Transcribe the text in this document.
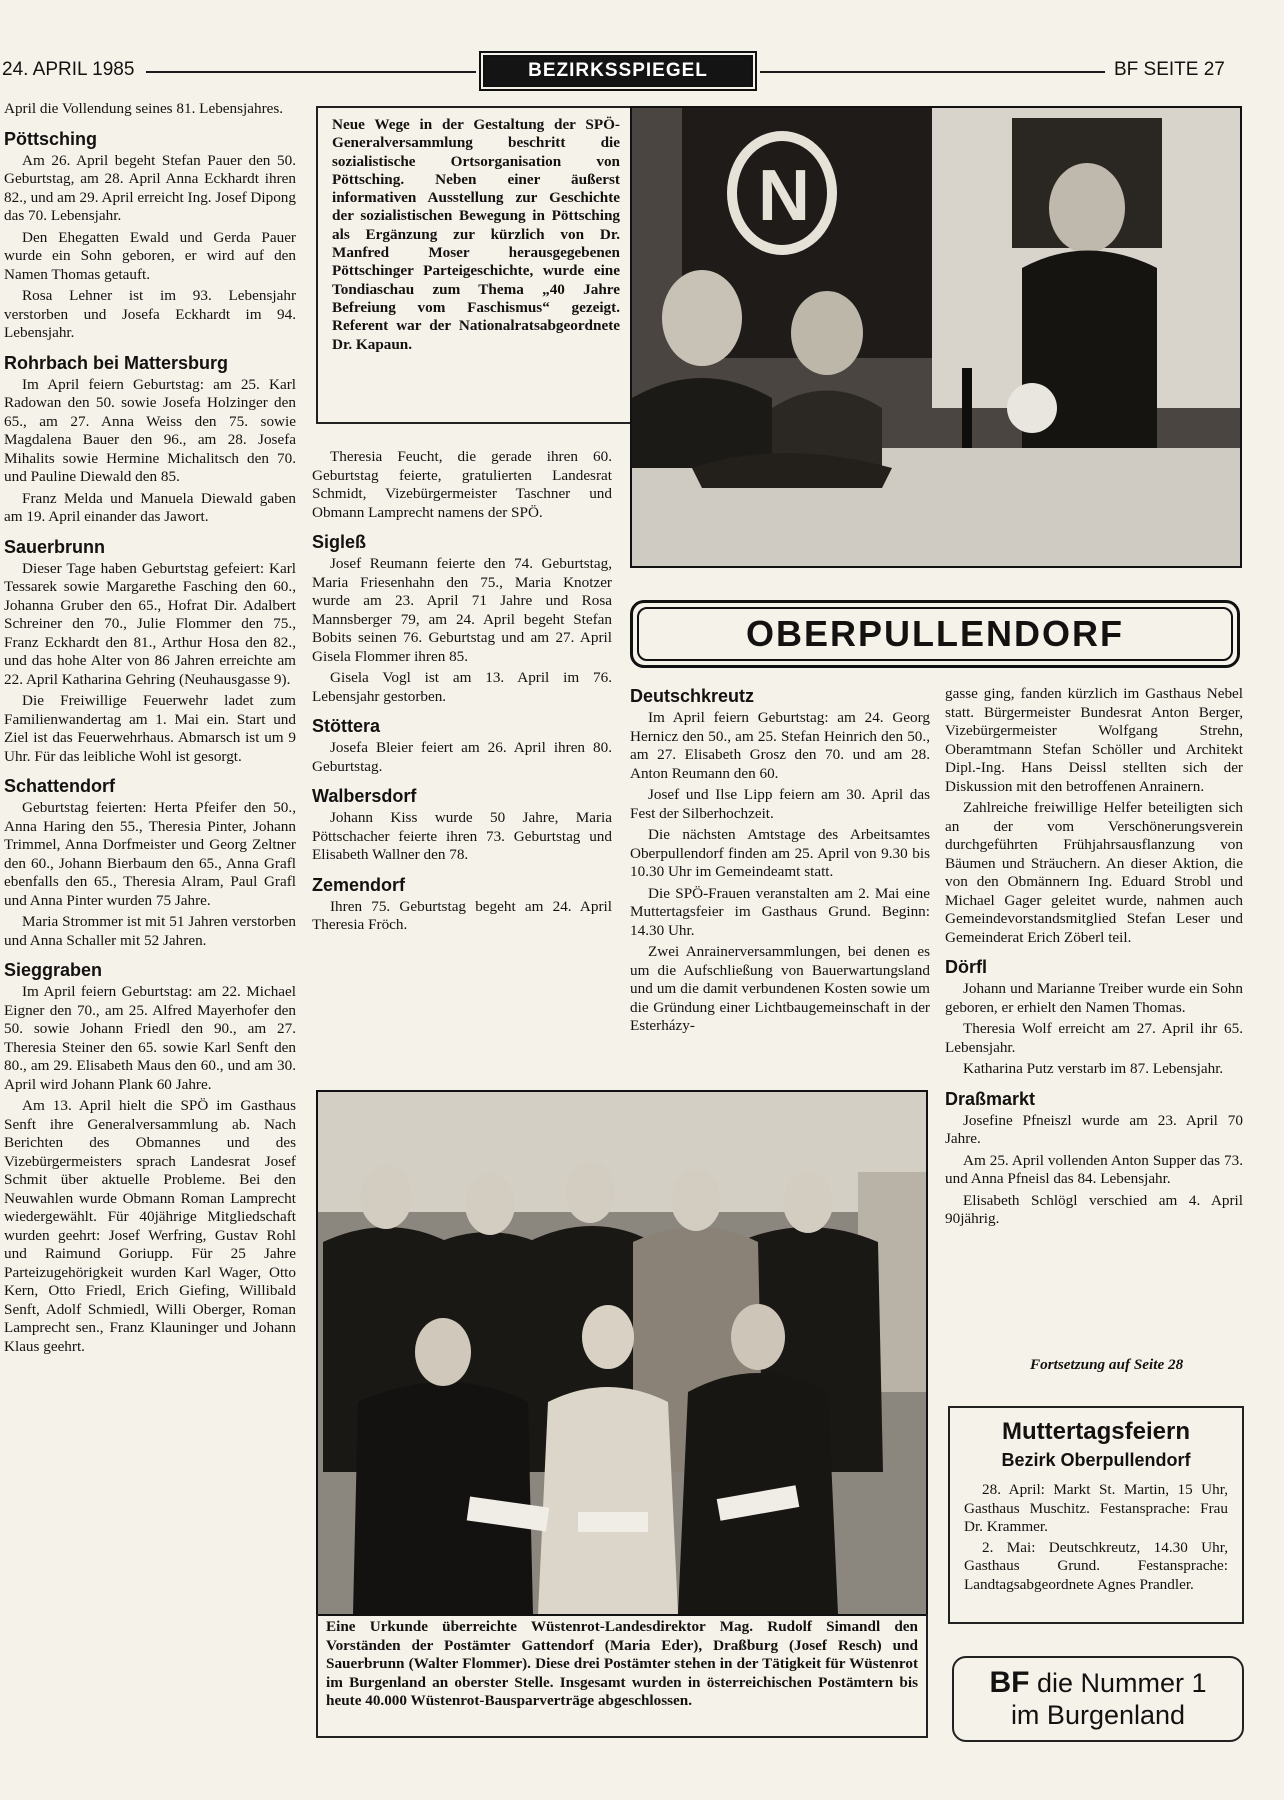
24. APRIL 1985	BEZIRKSSPIEGEL	BF SEITE 27

April die Vollendung seines 81. Lebensjahres.

Pöttsching

Am 26. April begeht Stefan Pauer den 50. Geburtstag, am 28. April Anna Eckhardt ihren 82., und am 29. April erreicht Ing. Josef Dipong das 70. Lebensjahr.

Den Ehegatten Ewald und Gerda Pauer wurde ein Sohn geboren, er wird auf den Namen Thomas getauft.

Rosa Lehner ist im 93. Lebensjahr verstorben und Josefa Eckhardt im 94. Lebensjahr.

Rohrbach bei Mattersburg

Im April feiern Geburtstag: am 25. Karl Radowan den 50. sowie Josefa Holzinger den 65., am 27. Anna Weiss den 75. sowie Magdalena Bauer den 96., am 28. Josefa Mihalits sowie Hermine Michalitsch den 70. und Pauline Diewald den 85.

Franz Melda und Manuela Diewald gaben am 19. April einander das Jawort.

Sauerbrunn

Dieser Tage haben Geburtstag gefeiert: Karl Tessarek sowie Margarethe Fasching den 60., Johanna Gruber den 65., Hofrat Dir. Adalbert Schreiner den 70., Julie Flommer den 75., Franz Eckhardt den 81., Arthur Hosa den 82., und das hohe Alter von 86 Jahren erreichte am 22. April Katharina Gehring (Neuhausgasse 9).

Die Freiwillige Feuerwehr ladet zum Familienwandertag am 1. Mai ein. Start und Ziel ist das Feuerwehrhaus. Abmarsch ist um 9 Uhr. Für das leibliche Wohl ist gesorgt.

Schattendorf

Geburtstag feierten: Herta Pfeifer den 50., Anna Haring den 55., Theresia Pinter, Johann Trimmel, Anna Dorfmeister und Georg Zeltner den 60., Johann Bierbaum den 65., Anna Grafl ebenfalls den 65., Theresia Alram, Paul Grafl und Anna Pinter wurden 75 Jahre.

Maria Strommer ist mit 51 Jahren verstorben und Anna Schaller mit 52 Jahren.

Sieggraben

Im April feiern Geburtstag: am 22. Michael Eigner den 70., am 25. Alfred Mayerhofer den 50. sowie Johann Friedl den 90., am 27. Theresia Steiner den 65. sowie Karl Senft den 80., am 29. Elisabeth Maus den 60., und am 30. April wird Johann Plank 60 Jahre.

Am 13. April hielt die SPÖ im Gasthaus Senft ihre Generalversammlung ab. Nach Berichten des Obmannes und des Vizebürgermeisters sprach Landesrat Josef Schmit über aktuelle Probleme. Bei den Neuwahlen wurde Obmann Roman Lamprecht wiedergewählt. Für 40jährige Mitgliedschaft wurden geehrt: Josef Werfring, Gustav Rohl und Raimund Goriupp. Für 25 Jahre Parteizugehörigkeit wurden Karl Wager, Otto Kern, Otto Friedl, Erich Giefing, Willibald Senft, Adolf Schmiedl, Willi Oberger, Roman Lamprecht sen., Franz Klauninger und Johann Klaus geehrt.

Neue Wege in der Gestaltung der SPÖ-Generalversammlung beschritt die sozialistische Ortsorganisation von Pöttsching. Neben einer äußerst informativen Ausstellung zur Geschichte der sozialistischen Bewegung in Pöttsching als Ergänzung zur kürzlich von Dr. Manfred Moser herausgegebenen Pöttschinger Parteigeschichte, wurde eine Tondiaschau zum Thema „40 Jahre Befreiung vom Faschismus“ gezeigt. Referent war der Nationalratsabgeordnete Dr. Kapaun.
N

Theresia Feucht, die gerade ihren 60. Geburtstag feierte, gratulierten Landesrat Schmidt, Vizebürgermeister Taschner und Obmann Lamprecht namens der SPÖ.

Sigleß

Josef Reumann feierte den 74. Geburtstag, Maria Friesenhahn den 75., Maria Knotzer wurde am 23. April 71 Jahre und Rosa Mannsberger 79, am 24. April begeht Stefan Bobits seinen 76. Geburtstag und am 27. April Gisela Flommer ihren 85.

Gisela Vogl ist am 13. April im 76. Lebensjahr gestorben.

Stöttera

Josefa Bleier feiert am 26. April ihren 80. Geburtstag.

Walbersdorf

Johann Kiss wurde 50 Jahre, Maria Pöttschacher feierte ihren 73. Geburtstag und Elisabeth Wallner den 78.

Zemendorf

Ihren 75. Geburtstag begeht am 24. April Theresia Fröch.

OBERPULLENDORF
Deutschkreutz

Im April feiern Geburtstag: am 24. Georg Hernicz den 50., am 25. Stefan Heinrich den 50., am 27. Elisabeth Grosz den 70. und am 28. Anton Reumann den 60.

Josef und Ilse Lipp feiern am 30. April das Fest der Silberhochzeit.

Die nächsten Amtstage des Arbeitsamtes Oberpullendorf finden am 25. April von 9.30 bis 10.30 Uhr im Gemeindeamt statt.

Die SPÖ-Frauen veranstalten am 2. Mai eine Muttertagsfeier im Gasthaus Grund. Beginn: 14.30 Uhr.

Zwei Anrainerversammlungen, bei denen es um die Aufschließung von Bauerwartungsland und um die damit verbundenen Kosten sowie um die Gründung einer Lichtbaugemeinschaft in der Esterházy-

gasse ging, fanden kürzlich im Gasthaus Nebel statt. Bürgermeister Bundesrat Anton Berger, Vizebürgermeister Wolfgang Strehn, Oberamtmann Stefan Schöller und Architekt Dipl.-Ing. Hans Deissl stellten sich der Diskussion mit den betroffenen Anrainern.

Zahlreiche freiwillige Helfer beteiligten sich an der vom Verschönerungsverein durchgeführten Frühjahrsausflanzung von Bäumen und Sträuchern. An dieser Aktion, die von den Obmännern Ing. Eduard Strobl und Michael Gager geleitet wurde, nahmen auch Gemeindevorstandsmitglied Stefan Leser und Gemeinderat Erich Zöberl teil.

Dörfl

Johann und Marianne Treiber wurde ein Sohn geboren, er erhielt den Namen Thomas.

Theresia Wolf erreicht am 27. April ihr 65. Lebensjahr.

Katharina Putz verstarb im 87. Lebensjahr.

Draßmarkt

Josefine Pfneiszl wurde am 23. April 70 Jahre.

Am 25. April vollenden Anton Supper das 73. und Anna Pfneisl das 84. Lebensjahr.

Elisabeth Schlögl verschied am 4. April 90jährig.

Fortsetzung auf Seite 28
Eine Urkunde überreichte Wüstenrot-Landesdirektor Mag. Rudolf Simandl den Vorständen der Postämter Gattendorf (Maria Eder), Draßburg (Josef Resch) und Sauerbrunn (Walter Flommer). Diese drei Postämter stehen in der Tätigkeit für Wüstenrot im Burgenland an oberster Stelle. Insgesamt wurden in österreichischen Postämtern bis heute 40.000 Wüstenrot-Bausparverträge abgeschlossen.
Muttertagsfeiern
Bezirk Oberpullendorf

28. April: Markt St. Martin, 15 Uhr, Gasthaus Muschitz. Festansprache: Frau Dr. Krammer.

2. Mai: Deutschkreutz, 14.30 Uhr, Gasthaus Grund. Festansprache: Landtagsabgeordnete Agnes Prandler.

BF die Nummer 1
im Burgenland
